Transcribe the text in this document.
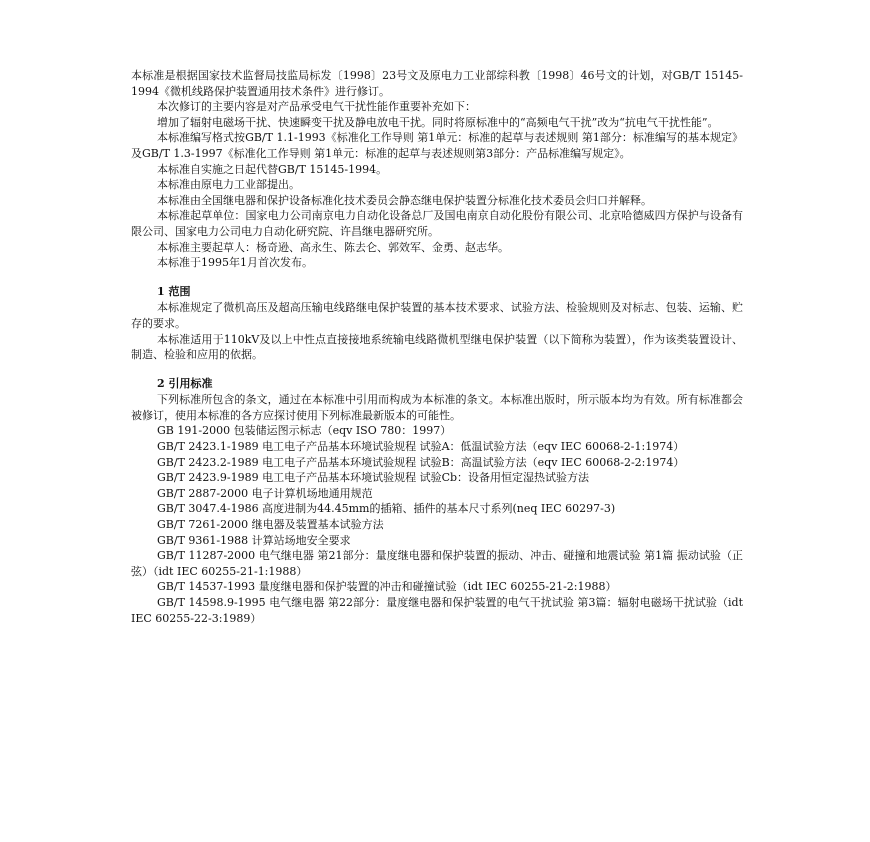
本标准是根据国家技术监督局技监局标发〔1998〕23号文及原电力工业部综科教〔1998〕46号文的计划，对GB/T 15145-1994《微机线路保护装置通用技术条件》进行修订。

本次修订的主要内容是对产品承受电气干扰性能作重要补充如下：

增加了辐射电磁场干扰、快速瞬变干扰及静电放电干扰。同时将原标准中的“高频电气干扰”改为“抗电气干扰性能”。

本标准编写格式按GB/T 1.1-1993《标准化工作导则 第1单元：标准的起草与表述规则 第1部分：标准编写的基本规定》及GB/T 1.3-1997《标准化工作导则 第1单元：标准的起草与表述规则第3部分：产品标准编写规定》。

本标准自实施之日起代替GB/T 15145-1994。

本标准由原电力工业部提出。

本标准由全国继电器和保护设备标准化技术委员会静态继电保护装置分标准化技术委员会归口并解释。

本标准起草单位：国家电力公司南京电力自动化设备总厂及国电南京自动化股份有限公司、北京哈德威四方保护与设备有限公司、国家电力公司电力自动化研究院、许昌继电器研究所。

本标准主要起草人：杨奇逊、高永生、陈去仑、郭效军、金勇、赵志华。

本标准于1995年1月首次发布。

1 范围

本标准规定了微机高压及超高压输电线路继电保护装置的基本技术要求、试验方法、检验规则及对标志、包装、运输、贮存的要求。

本标准适用于110kV及以上中性点直接接地系统输电线路微机型继电保护装置（以下简称为装置），作为该类装置设计、制造、检验和应用的依据。

2 引用标准

下列标准所包含的条文，通过在本标准中引用而构成为本标准的条文。本标准出版时，所示版本均为有效。所有标准都会被修订，使用本标准的各方应探讨使用下列标准最新版本的可能性。

GB 191-2000 包装储运图示标志（eqv ISO 780：1997）

GB/T 2423.1-1989 电工电子产品基本环境试验规程 试验A：低温试验方法（eqv IEC 60068-2-1:1974）

GB/T 2423.2-1989 电工电子产品基本环境试验规程 试验B：高温试验方法（eqv IEC 60068-2-2:1974）

GB/T 2423.9-1989 电工电子产品基本环境试验规程 试验Cb：设备用恒定湿热试验方法

GB/T 2887-2000 电子计算机场地通用规范

GB/T 3047.4-1986 高度进制为44.45mm的插箱、插件的基本尺寸系列(neq IEC 60297-3)

GB/T 7261-2000 继电器及装置基本试验方法

GB/T 9361-1988 计算站场地安全要求

GB/T 11287-2000 电气继电器 第21部分：量度继电器和保护装置的振动、冲击、碰撞和地震试验 第1篇 振动试验（正弦）（idt IEC 60255-21-1:1988）

GB/T 14537-1993 量度继电器和保护装置的冲击和碰撞试验（idt IEC 60255-21-2:1988）

GB/T 14598.9-1995 电气继电器 第22部分：量度继电器和保护装置的电气干扰试验 第3篇：辐射电磁场干扰试验（idt IEC 60255-22-3:1989）
